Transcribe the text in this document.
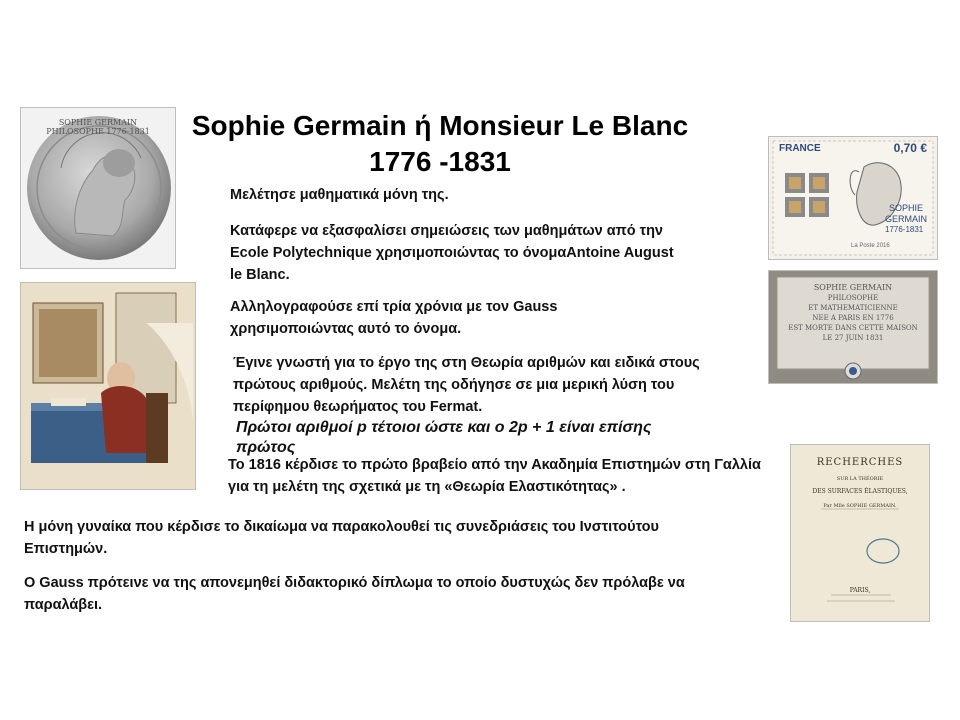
Sophie Germain ή Monsieur Le Blanc
1776 -1831
SOPHIE GERMAIN PHILOSOPHE 1776-1831
FRANCE	0,70 €
SOPHIE
GERMAIN
1776-1831
La Poste 2016
SOPHIE GERMAIN
PHILOSOPHE
ET MATHEMATICIENNE
NEE A PARIS EN 1776
EST MORTE DANS CETTE MAISON
LE 27 JUIN 1831
RECHERCHES
SUR LA THÉORIE
DES SURFACES ÉLASTIQUES,
Par Mlle SOPHIE GERMAIN.
PARIS,

Μελέτησε μαθηματικά μόνη της.

Κατάφερε να εξασφαλίσει σημειώσεις των μαθημάτων από την Ecole Polytechnique χρησιμοποιώντας το όνομαAntoine August le Blanc.

Αλληλογραφούσε επί τρία χρόνια με τον Gauss χρησιμοποιώντας αυτό το όνομα.

Έγινε γνωστή για το έργο της στη Θεωρία αριθμών και ειδικά στους πρώτους αριθμούς. Μελέτη της οδήγησε σε μια μερική λύση του περίφημου θεωρήματος του Fermat.

Πρώτοι αριθμοί p τέτοιοι ώστε και ο 2p + 1 είναι επίσης πρώτος

Το 1816 κέρδισε το πρώτο βραβείο από την Ακαδημία Επιστημών στη Γαλλία για τη μελέτη της σχετικά με τη «Θεωρία Ελαστικότητας» .

Η μόνη γυναίκα που κέρδισε το δικαίωμα να παρακολουθεί τις συνεδριάσεις του Ινστιτούτου Επιστημών.

Ο Gauss πρότεινε να της απονεμηθεί διδακτορικό δίπλωμα το οποίο δυστυχώς δεν πρόλαβε να παραλάβει.
